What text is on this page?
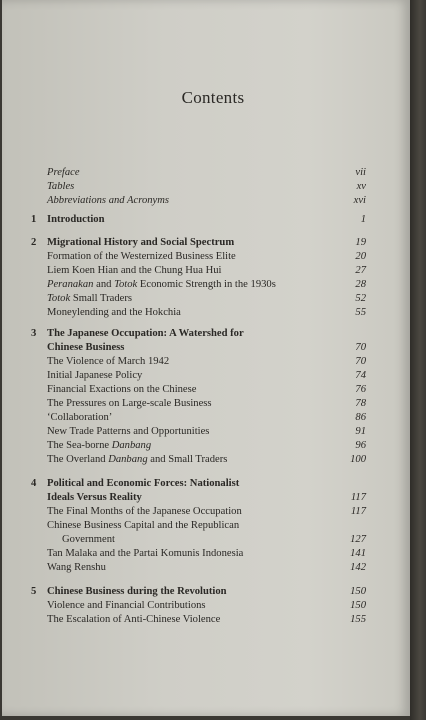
Contents
Preface	vii
Tables	xv
Abbreviations and Acronyms	xvi
1 Introduction	1
2 Migrational History and Social Spectrum	19
Formation of the Westernized Business Elite	20
Liem Koen Hian and the Chung Hua Hui	27
Peranakan and Totok Economic Strength in the 1930s	28
Totok Small Traders	52
Moneylending and the Hokchia	55
3 The Japanese Occupation: A Watershed for
Chinese Business	70
The Violence of March 1942	70
Initial Japanese Policy	74
Financial Exactions on the Chinese	76
The Pressures on Large-scale Business	78
‘Collaboration’	86
New Trade Patterns and Opportunities	91
The Sea-borne Danbang	96
The Overland Danbang and Small Traders	100
4 Political and Economic Forces: Nationalist
Ideals Versus Reality	117
The Final Months of the Japanese Occupation	117
Chinese Business Capital and the Republican
Government	127
Tan Malaka and the Partai Komunis Indonesia	141
Wang Renshu	142
5 Chinese Business during the Revolution	150
Violence and Financial Contributions	150
The Escalation of Anti-Chinese Violence	155
